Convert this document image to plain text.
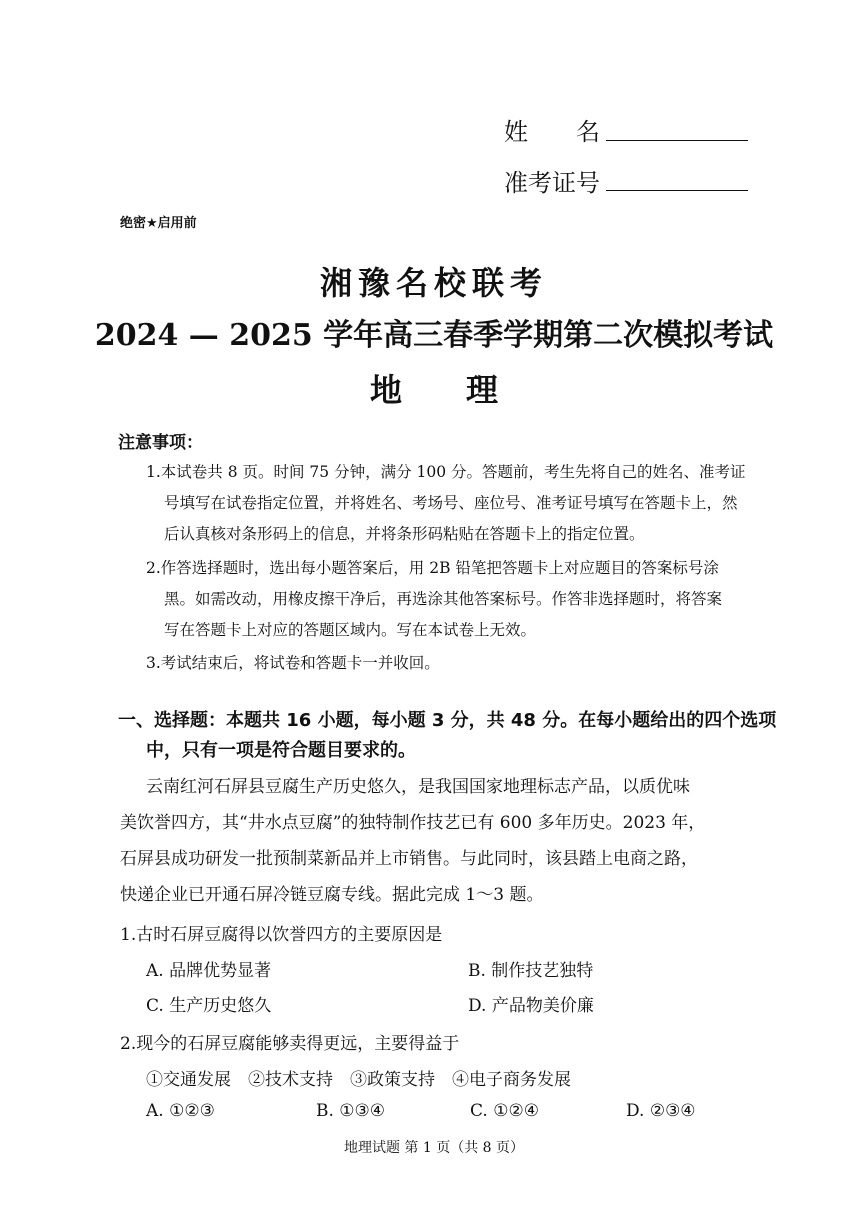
姓　　名
准考证号
绝密★启用前
湘豫名校联考
2024 — 2025 学年高三春季学期第二次模拟考试
地　　理
注意事项：
1.本试卷共 8 页。时间 75 分钟，满分 100 分。答题前，考生先将自己的姓名、准考证
号填写在试卷指定位置，并将姓名、考场号、座位号、准考证号填写在答题卡上，然
后认真核对条形码上的信息，并将条形码粘贴在答题卡上的指定位置。
2.作答选择题时，选出每小题答案后，用 2B 铅笔把答题卡上对应题目的答案标号涂
黑。如需改动，用橡皮擦干净后，再选涂其他答案标号。作答非选择题时，将答案
写在答题卡上对应的答题区域内。写在本试卷上无效。
3.考试结束后，将试卷和答题卡一并收回。
一、选择题：本题共 16 小题，每小题 3 分，共 48 分。在每小题给出的四个选项
中，只有一项是符合题目要求的。
云南红河石屏县豆腐生产历史悠久，是我国国家地理标志产品，以质优味
美饮誉四方，其“井水点豆腐”的独特制作技艺已有 600 多年历史。2023 年，
石屏县成功研发一批预制菜新品并上市销售。与此同时，该县踏上电商之路，
快递企业已开通石屏冷链豆腐专线。据此完成 1～3 题。
1.古时石屏豆腐得以饮誉四方的主要原因是
A. 品牌优势显著	B. 制作技艺独特
C. 生产历史悠久	D. 产品物美价廉
2.现今的石屏豆腐能够卖得更远，主要得益于
①交通发展　②技术支持　③政策支持　④电子商务发展
A. ①②③	B. ①③④	C. ①②④	D. ②③④
地理试题 第 1 页（共 8 页）
